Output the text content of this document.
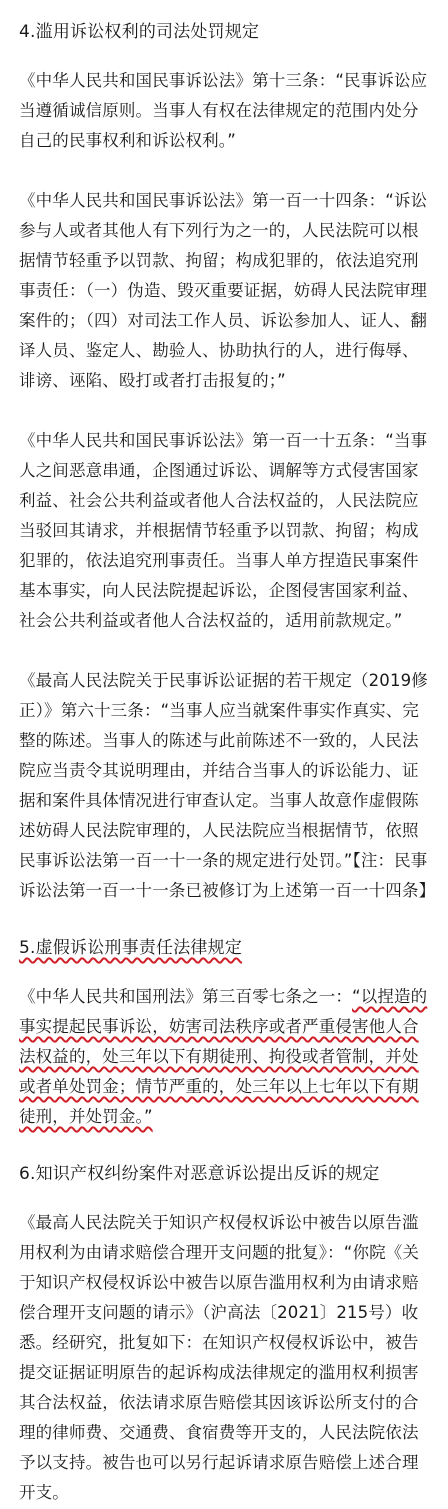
4.滥用诉讼权利的司法处罚规定

《中华人民共和国民事诉讼法》第十三条：“民事诉讼应当遵循诚信原则。当事人有权在法律规定的范围内处分自己的民事权利和诉讼权利。”

《中华人民共和国民事诉讼法》第一百一十四条：“诉讼参与人或者其他人有下列行为之一的，人民法院可以根据情节轻重予以罚款、拘留；构成犯罪的，依法追究刑事责任：（一）伪造、毁灭重要证据，妨碍人民法院审理案件的；（四）对司法工作人员、诉讼参加人、证人、翻译人员、鉴定人、勘验人、协助执行的人，进行侮辱、诽谤、诬陷、殴打或者打击报复的；”

《中华人民共和国民事诉讼法》第一百一十五条：“当事人之间恶意串通，企图通过诉讼、调解等方式侵害国家利益、社会公共利益或者他人合法权益的，人民法院应当驳回其请求，并根据情节轻重予以罚款、拘留；构成犯罪的，依法追究刑事责任。当事人单方捏造民事案件基本事实，向人民法院提起诉讼，企图侵害国家利益、社会公共利益或者他人合法权益的，适用前款规定。”

《最高人民法院关于民事诉讼证据的若干规定（2019修正）》第六十三条：“当事人应当就案件事实作真实、完整的陈述。当事人的陈述与此前陈述不一致的，人民法院应当责令其说明理由，并结合当事人的诉讼能力、证据和案件具体情况进行审查认定。当事人故意作虚假陈述妨碍人民法院审理的，人民法院应当根据情节，依照民事诉讼法第一百一十一条的规定进行处罚。”【注：民事诉讼法第一百一十一条已被修订为上述第一百一十四条】

5.虚假诉讼刑事责任法律规定

《中华人民共和国刑法》第三百零七条之一：“以捏造的事实提起民事诉讼，妨害司法秩序或者严重侵害他人合法权益的，处三年以下有期徒刑、拘役或者管制，并处或者单处罚金；情节严重的，处三年以上七年以下有期徒刑，并处罚金。”

6.知识产权纠纷案件对恶意诉讼提出反诉的规定

《最高人民法院关于知识产权侵权诉讼中被告以原告滥用权利为由请求赔偿合理开支问题的批复》：“你院《关于知识产权侵权诉讼中被告以原告滥用权利为由请求赔偿合理开支问题的请示》（沪高法〔2021〕215号）收悉。经研究，批复如下：在知识产权侵权诉讼中，被告提交证据证明原告的起诉构成法律规定的滥用权利损害其合法权益，依法请求原告赔偿其因该诉讼所支付的合理的律师费、交通费、食宿费等开支的，人民法院依法予以支持。被告也可以另行起诉请求原告赔偿上述合理开支。
